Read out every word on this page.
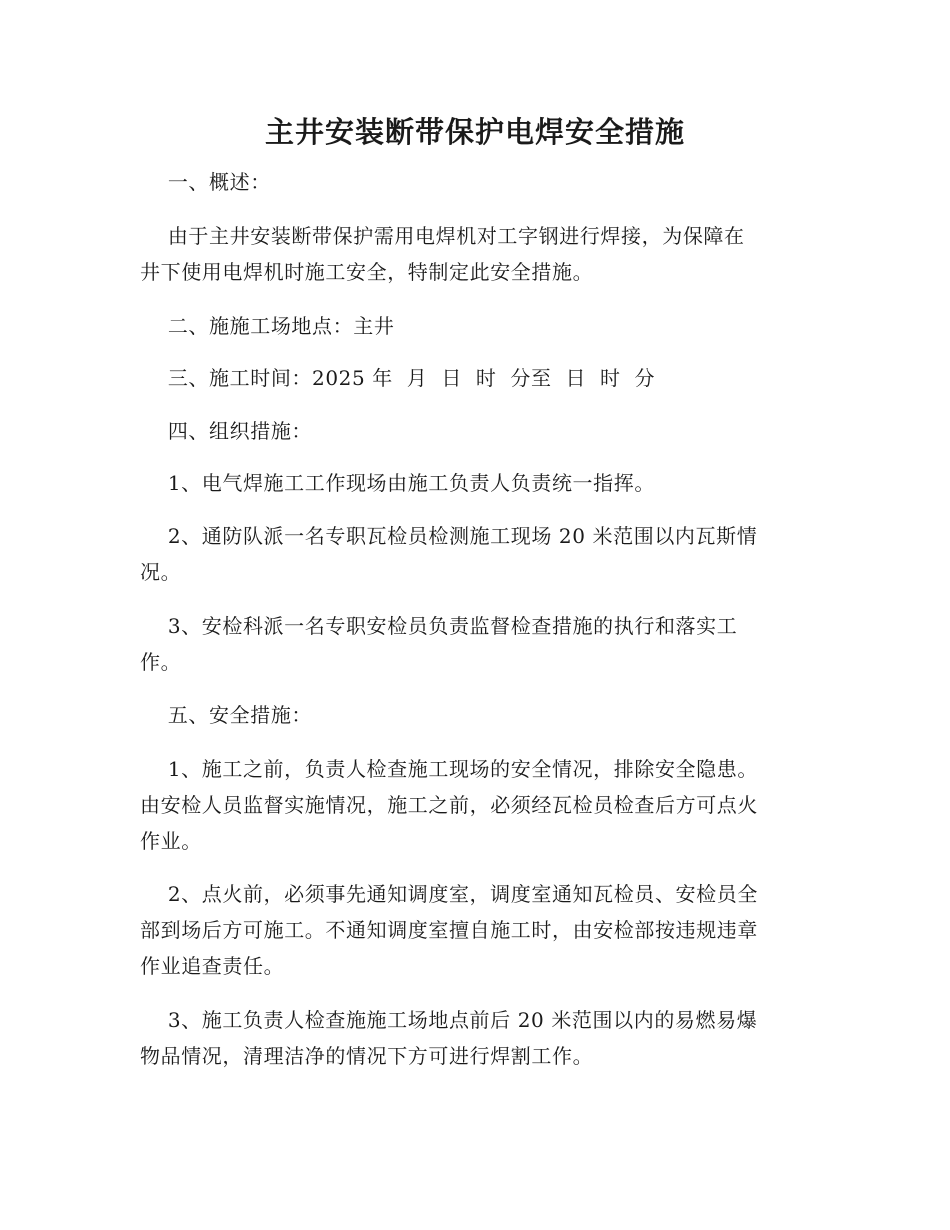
主井安装断带保护电焊安全措施
一、概述：
由于主井安装断带保护需用电焊机对工字钢进行焊接，为保障在
井下使用电焊机时施工安全，特制定此安全措施。
二、施施工场地点：主井
三、施工时间：2025 年  月  日  时  分至  日  时  分
四、组织措施：
1、电气焊施工工作现场由施工负责人负责统一指挥。
2、通防队派一名专职瓦检员检测施工现场 20 米范围以内瓦斯情
况。
3、安检科派一名专职安检员负责监督检查措施的执行和落实工
作。
五、安全措施：
1、施工之前，负责人检查施工现场的安全情况，排除安全隐患。
由安检人员监督实施情况，施工之前，必须经瓦检员检查后方可点火
作业。
2、点火前，必须事先通知调度室，调度室通知瓦检员、安检员全
部到场后方可施工。不通知调度室擅自施工时，由安检部按违规违章
作业追查责任。
3、施工负责人检查施施工场地点前后 20 米范围以内的易燃易爆
物品情况，清理洁净的情况下方可进行焊割工作。
